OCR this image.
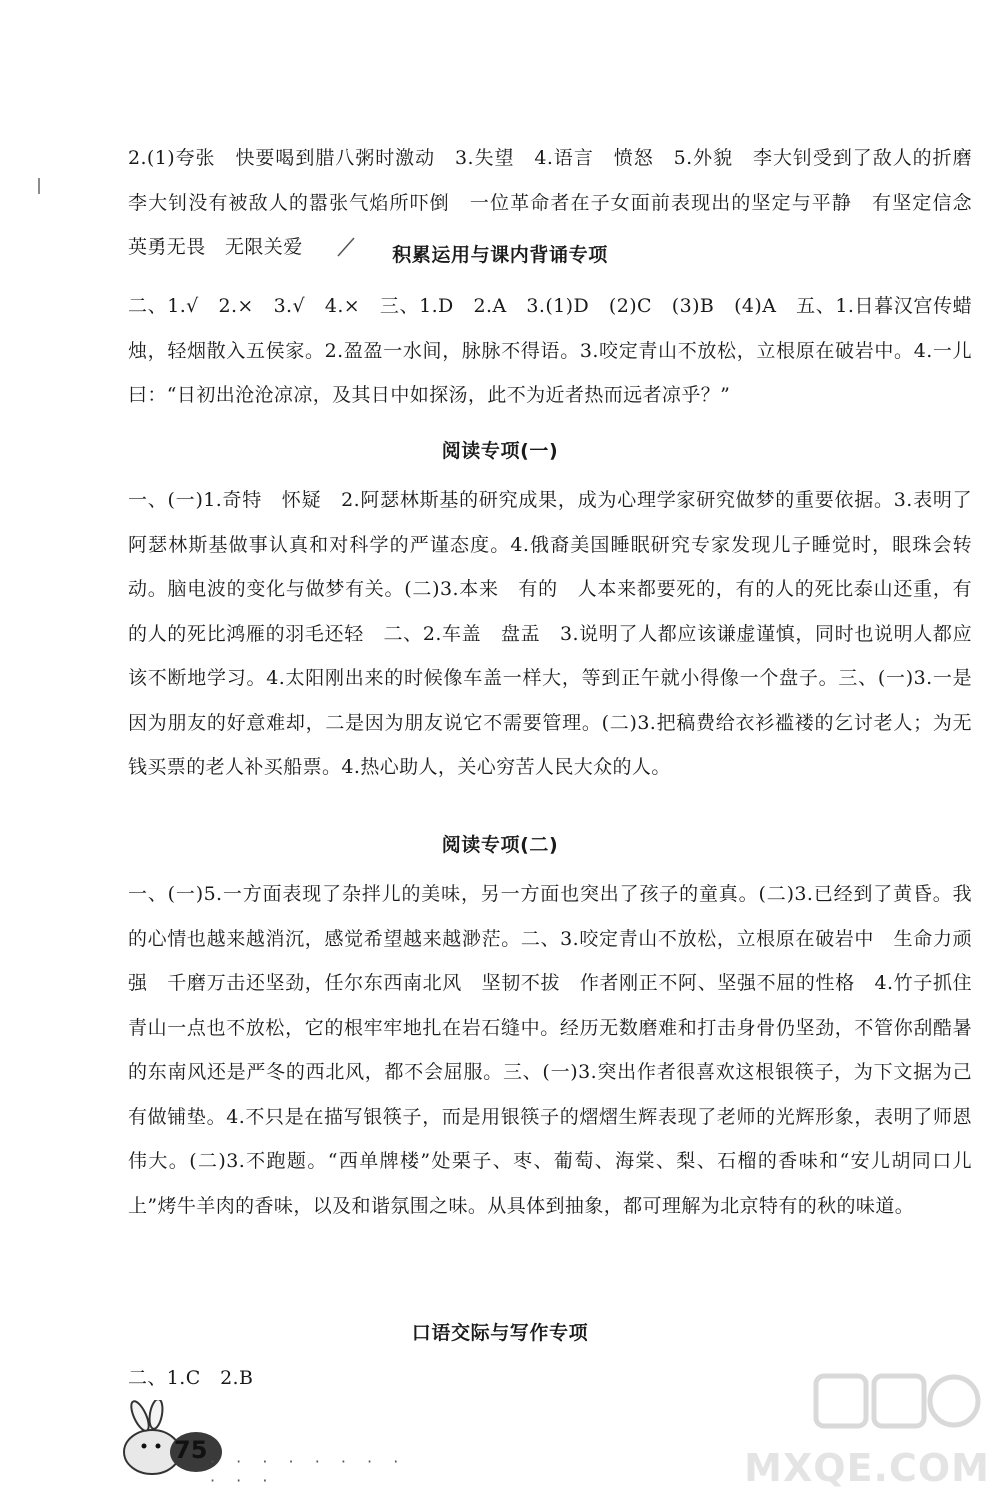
2.(1)夸张　快要喝到腊八粥时激动　3.失望　4.语言　愤怒　5.外貌　李大钊受到了敌人的折磨　李大钊没有被敌人的嚣张气焰所吓倒　一位革命者在子女面前表现出的坚定与平静　有坚定信念　英勇无畏　无限关爱	积累运用与课内背诵专项

二、1.√　2.×　3.√　4.×　三、1.D　2.A　3.(1)D　(2)C　(3)B　(4)A　五、1.日暮汉宫传蜡烛，轻烟散入五侯家。2.盈盈一水间，脉脉不得语。3.咬定青山不放松，立根原在破岩中。4.一儿曰：“日初出沧沧凉凉，及其日中如探汤，此不为近者热而远者凉乎？”

阅读专项(一)

一、(一)1.奇特　怀疑　2.阿瑟林斯基的研究成果，成为心理学家研究做梦的重要依据。3.表明了阿瑟林斯基做事认真和对科学的严谨态度。4.俄裔美国睡眠研究专家发现儿子睡觉时，眼珠会转动。脑电波的变化与做梦有关。(二)3.本来　有的　人本来都要死的，有的人的死比泰山还重，有的人的死比鸿雁的羽毛还轻　二、2.车盖　盘盂　3.说明了人都应该谦虚谨慎，同时也说明人都应该不断地学习。4.太阳刚出来的时候像车盖一样大，等到正午就小得像一个盘子。三、(一)3.一是因为朋友的好意难却，二是因为朋友说它不需要管理。(二)3.把稿费给衣衫褴褛的乞讨老人；为无钱买票的老人补买船票。4.热心助人，关心穷苦人民大众的人。

阅读专项(二)

一、(一)5.一方面表现了杂拌儿的美味，另一方面也突出了孩子的童真。(二)3.已经到了黄昏。我的心情也越来越消沉，感觉希望越来越渺茫。二、3.咬定青山不放松，立根原在破岩中　生命力顽强　千磨万击还坚劲，任尔东西南北风　坚韧不拔　作者刚正不阿、坚强不屈的性格　4.竹子抓住青山一点也不放松，它的根牢牢地扎在岩石缝中。经历无数磨难和打击身骨仍坚劲，不管你刮酷暑的东南风还是严冬的西北风，都不会屈服。三、(一)3.突出作者很喜欢这根银筷子，为下文据为己有做铺垫。4.不只是在描写银筷子，而是用银筷子的熠熠生辉表现了老师的光辉形象，表明了师恩伟大。(二)3.不跑题。“西单牌楼”处栗子、枣、葡萄、海棠、梨、石榴的香味和“安儿胡同口儿上”烤牛羊肉的香味，以及和谐氛围之味。从具体到抽象，都可理解为北京特有的秋的味道。

口语交际与写作专项

二、1.C　2.B

75 · · · · · · · · · · ·	MXQE.COM
